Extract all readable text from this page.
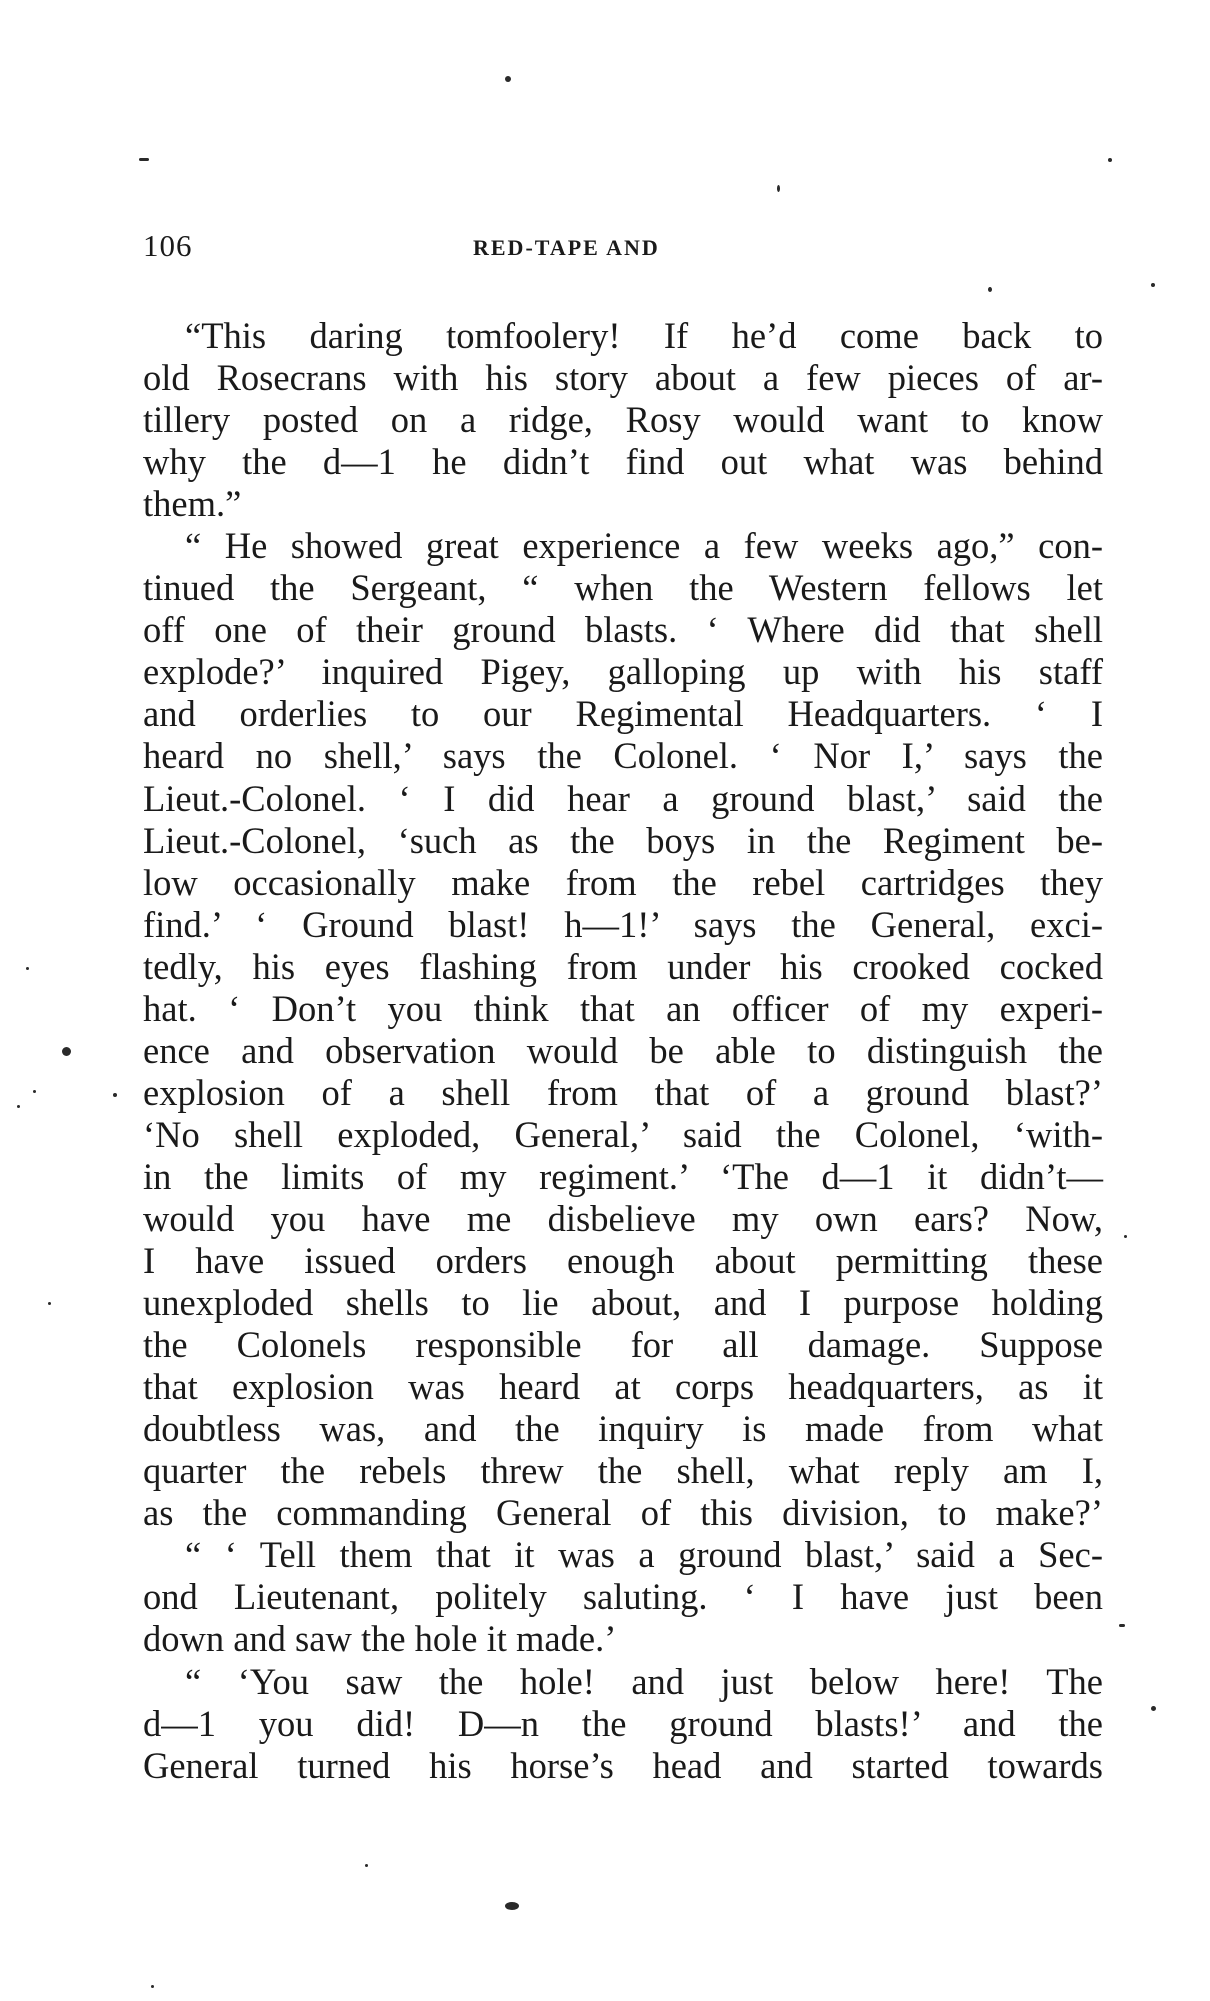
106	RED-TAPE AND
“This daring tomfoolery! If he’d come back to
old Rosecrans with his story about a few pieces of ar-
tillery posted on a ridge, Rosy would want to know
why the d—1 he didn’t find out what was behind
them.”
“ He showed great experience a few weeks ago,” con-
tinued the Sergeant, “ when the Western fellows let
off one of their ground blasts. ‘ Where did that shell
explode?’ inquired Pigey, galloping up with his staff
and orderlies to our Regimental Headquarters. ‘ I
heard no shell,’ says the Colonel. ‘ Nor I,’ says the
Lieut.-Colonel. ‘ I did hear a ground blast,’ said the
Lieut.-Colonel, ‘such as the boys in the Regiment be-
low occasionally make from the rebel cartridges they
find.’ ‘ Ground blast! h—1!’ says the General, exci-
tedly, his eyes flashing from under his crooked cocked
hat. ‘ Don’t you think that an officer of my experi-
ence and observation would be able to distinguish the
explosion of a shell from that of a ground blast?’
‘No shell exploded, General,’ said the Colonel, ‘with-
in the limits of my regiment.’ ‘The d—1 it didn’t—
would you have me disbelieve my own ears? Now,
I have issued orders enough about permitting these
unexploded shells to lie about, and I purpose holding
the Colonels responsible for all damage. Suppose
that explosion was heard at corps headquarters, as it
doubtless was, and the inquiry is made from what
quarter the rebels threw the shell, what reply am I,
as the commanding General of this division, to make?’
“ ‘ Tell them that it was a ground blast,’ said a Sec-
ond Lieutenant, politely saluting. ‘ I have just been
down and saw the hole it made.’
“ ‘You saw the hole! and just below here! The
d—1 you did! D—n the ground blasts!’ and the
General turned his horse’s head and started towards
